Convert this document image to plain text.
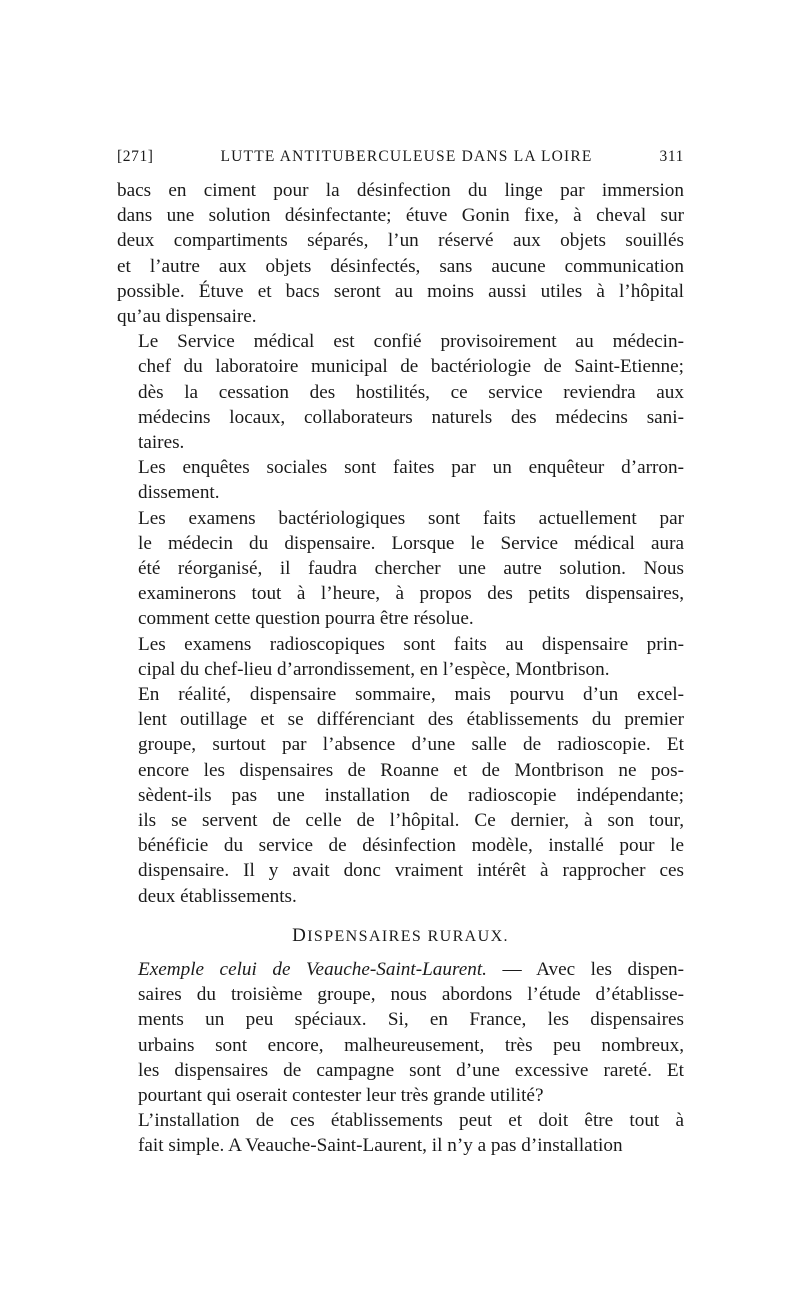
[271]	LUTTE ANTITUBERCULEUSE DANS LA LOIRE	311

bacs en ciment pour la désinfection du linge par immersion
dans une solution désinfectante; étuve Gonin fixe, à cheval sur
deux compartiments séparés, l’un réservé aux objets souillés
et l’autre aux objets désinfectés, sans aucune communication
possible. Étuve et bacs seront au moins aussi utiles à l’hôpital
qu’au dispensaire.

Le Service médical est confié provisoirement au médecin-
chef du laboratoire municipal de bactériologie de Saint-Etienne;
dès la cessation des hostilités, ce service reviendra aux
médecins locaux, collaborateurs naturels des médecins sani-
taires.

Les enquêtes sociales sont faites par un enquêteur d’arron-
dissement.

Les examens bactériologiques sont faits actuellement par
le médecin du dispensaire. Lorsque le Service médical aura
été réorganisé, il faudra chercher une autre solution. Nous
examinerons tout à l’heure, à propos des petits dispensaires,
comment cette question pourra être résolue.

Les examens radioscopiques sont faits au dispensaire prin-
cipal du chef-lieu d’arrondissement, en l’espèce, Montbrison.

En réalité, dispensaire sommaire, mais pourvu d’un excel-
lent outillage et se différenciant des établissements du premier
groupe, surtout par l’absence d’une salle de radioscopie. Et
encore les dispensaires de Roanne et de Montbrison ne pos-
sèdent-ils pas une installation de radioscopie indépendante;
ils se servent de celle de l’hôpital. Ce dernier, à son tour,
bénéficie du service de désinfection modèle, installé pour le
dispensaire. Il y avait donc vraiment intérêt à rapprocher ces
deux établissements.

DISPENSAIRES RURAUX.

Exemple celui de Veauche-Saint-Laurent. — Avec les dispen-
saires du troisième groupe, nous abordons l’étude d’établisse-
ments un peu spéciaux. Si, en France, les dispensaires
urbains sont encore, malheureusement, très peu nombreux,
les dispensaires de campagne sont d’une excessive rareté. Et
pourtant qui oserait contester leur très grande utilité?

L’installation de ces établissements peut et doit être tout à
fait simple. A Veauche-Saint-Laurent, il n’y a pas d’installation
